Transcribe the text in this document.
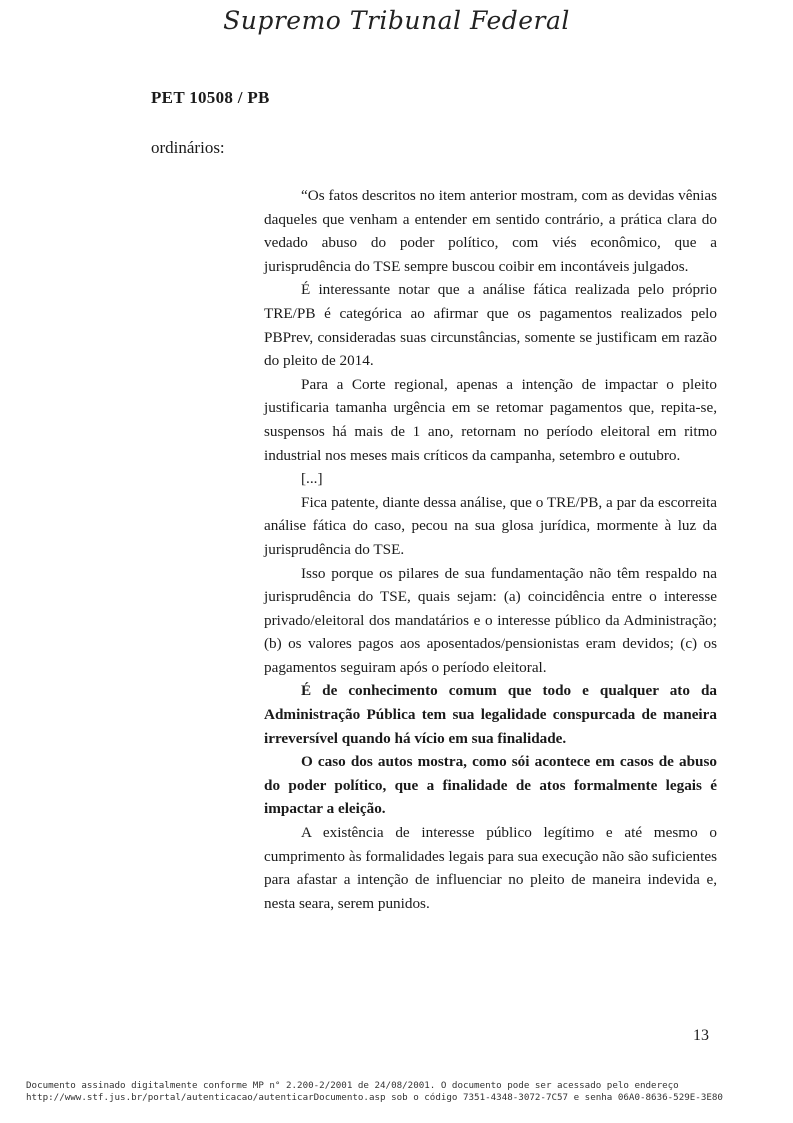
Supremo Tribunal Federal
PET 10508 / PB
ordinários:

“Os fatos descritos no item anterior mostram, com as devidas vênias daqueles que venham a entender em sentido contrário, a prática clara do vedado abuso do poder político, com viés econômico, que a jurisprudência do TSE sempre buscou coibir em incontáveis julgados.

É interessante notar que a análise fática realizada pelo próprio TRE/PB é categórica ao afirmar que os pagamentos realizados pelo PBPrev, consideradas suas circunstâncias, somente se justificam em razão do pleito de 2014.

Para a Corte regional, apenas a intenção de impactar o pleito justificaria tamanha urgência em se retomar pagamentos que, repita-se, suspensos há mais de 1 ano, retornam no período eleitoral em ritmo industrial nos meses mais críticos da campanha, setembro e outubro.

[...]

Fica patente, diante dessa análise, que o TRE/PB, a par da escorreita análise fática do caso, pecou na sua glosa jurídica, mormente à luz da jurisprudência do TSE.

Isso porque os pilares de sua fundamentação não têm respaldo na jurisprudência do TSE, quais sejam: (a) coincidência entre o interesse privado/eleitoral dos mandatários e o interesse público da Administração; (b) os valores pagos aos aposentados/pensionistas eram devidos; (c) os pagamentos seguiram após o período eleitoral.

É de conhecimento comum que todo e qualquer ato da Administração Pública tem sua legalidade conspurcada de maneira irreversível quando há vício em sua finalidade.

O caso dos autos mostra, como sói acontece em casos de abuso do poder político, que a finalidade de atos formalmente legais é impactar a eleição.

A existência de interesse público legítimo e até mesmo o cumprimento às formalidades legais para sua execução não são suficientes para afastar a intenção de influenciar no pleito de maneira indevida e, nesta seara, serem punidos.

13
Documento assinado digitalmente conforme MP n° 2.200-2/2001 de 24/08/2001. O documento pode ser acessado pelo endereço
http://www.stf.jus.br/portal/autenticacao/autenticarDocumento.asp sob o código 7351-4348-3072-7C57 e senha 06A0-8636-529E-3E80
